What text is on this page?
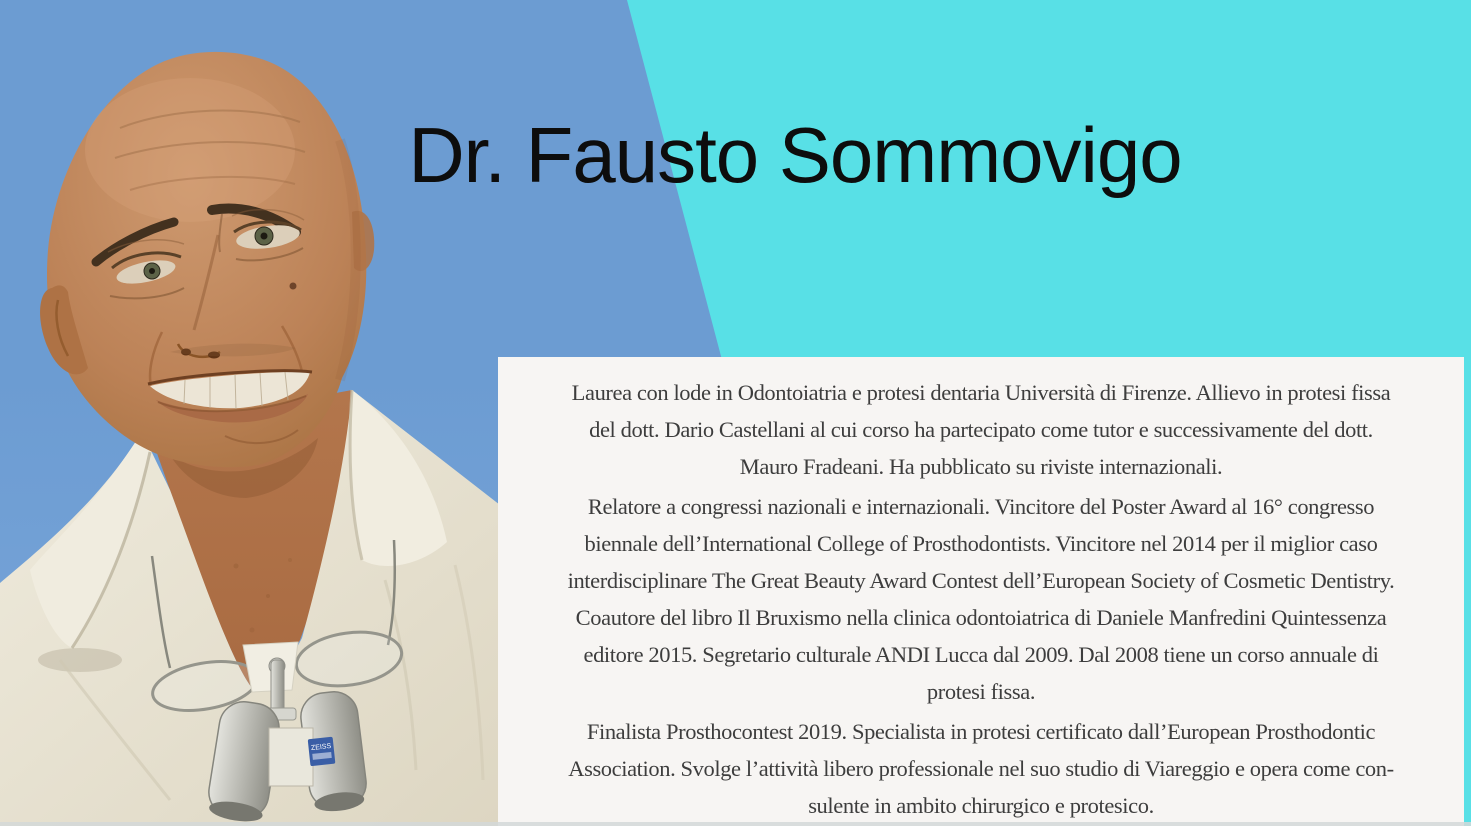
ZEISS
Dr. Fausto Sommovigo
Laurea con lode in Odontoiatria e protesi dentaria Università di Firenze. Allievo in protesi fissa
del dott. Dario Castellani al cui corso ha partecipato come tutor e successivamente del dott.
Mauro Fradeani. Ha pubblicato su riviste internazionali.
Relatore a congressi nazionali e internazionali. Vincitore del Poster Award al 16° congresso
biennale dell’International College of Prosthodontists. Vincitore nel 2014 per il miglior caso
interdisciplinare The Great Beauty Award Contest dell’European Society of Cosmetic Dentistry.
Coautore del libro Il Bruxismo nella clinica odontoiatrica di Daniele Manfredini Quintessenza
editore 2015. Segretario culturale ANDI Lucca dal 2009. Dal 2008 tiene un corso annuale di
protesi fissa.
Finalista Prosthocontest 2019. Specialista in protesi certificato dall’European Prosthodontic
Association. Svolge l’attività libero professionale nel suo studio di Viareggio e opera come con-
sulente in ambito chirurgico e protesico.
